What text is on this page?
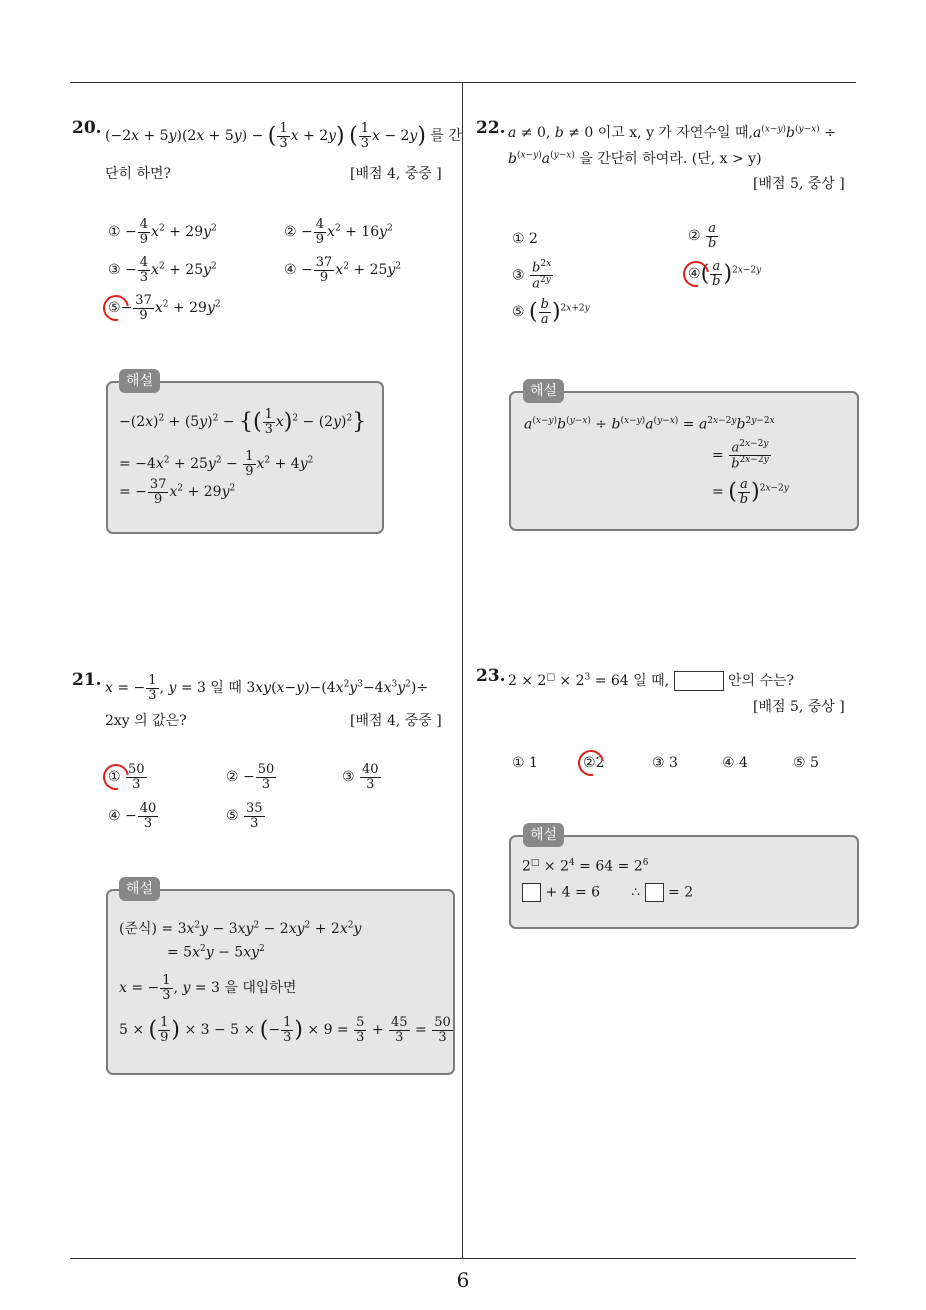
6
20. (−2x + 5y)(2x + 5y) − ( $\frac{1}{3}$ x + 2y) ( $\frac{1}{3}$ x − 2y) 를 간
단히 하면?	[배점 4, 중중 ]
① − $\frac{4}{9} x^2 + 29y^2$	② − $\frac{4}{9} x^2 + 16y^2$
③ − $\frac{4}{3} x^2 + 25y^2$	④ − $\frac{37}{9} x^2 + 25y^2$
⑤− $\frac{37}{9} x^2 + 29y^2$
해설
$-(2x)^2 + (5y)^2$ − {( $\frac{1}{3} x)^2 - (2y)^2$}
= $-4x^2 + 25y^2 - \frac{1}{9} x^2 + 4y^2$
= − $\frac{37}{9} x^2 + 29y^2$
21. x = − $\frac{1}{3}$ , y = 3 일 때 $3xy(x-y)-(4x^2y^3-4x^3y^2)\div$
2xy 의 값은?	[배점 4, 중중 ]
① $\frac{50}{3}$	② − $\frac{50}{3}$	③ $\frac{40}{3}$
④ − $\frac{40}{3}$	⑤ $\frac{35}{3}$
해설
(준식) = $3x^2y - 3xy^2 - 2xy^2 + 2x^2y$
= $5x^2y - 5xy^2$
x = − $\frac{1}{3}$ , y = 3 을 대입하면
5 × ( $\frac{1}{9}$ ) × 3 − 5 × (− $\frac{1}{3}$ ) × $9 = \frac{5}{3} + \frac{45}{3} = \frac{50}{3}$
22. a ≠ 0, b ≠ 0 이고 x, y 가 자연수일 때$,a^{(x-y)}b^{(y-x)}$ ÷
$b^{(x-y)}a^{(y-x)}$ 을 간단히 하여라. (단, x > y)
[배점 5, 중상 ]
① 2	② $\frac{a}{b}$
③ $\frac{b^{2x}}{a^{2y}}$	④( $\frac{a}{b} )^{2x-2y}$
⑤ ( $\frac{b}{a} )^{2x+2y}$
해설
$a^{(x-y)}b^{(y-x)} \div b^{(x-y)}a^{(y-x)} = a^{2x-2y}b^{2y-2x}$
= $\frac{a^{2x-2y}}{b^{2x-2y}}$
= ( $\frac{a}{b} )^{2x-2y}$
23. $2 \times 2^□ \times 2^3 = 64$ 일 때,	안의 수는?
[배점 5, 중상 ]
① 1	②2	③ 3	④ 4	⑤ 5
해설
$2^□ \times 2^4 = 64 = 2^6$
+ 4 = 6       ∴  = 2
